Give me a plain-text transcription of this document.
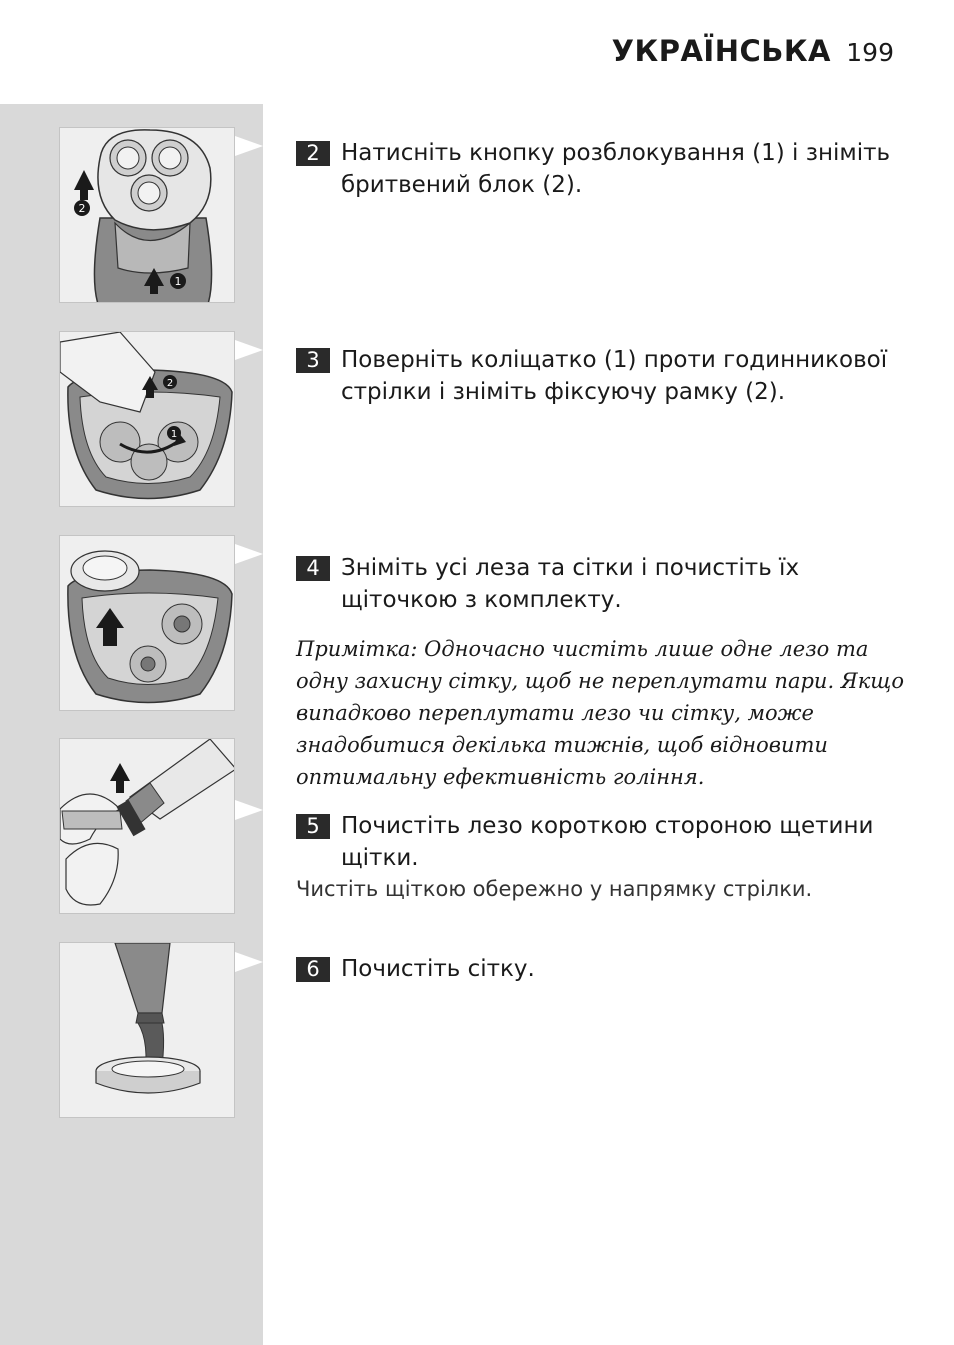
УКРАЇНСЬКА 199
2
1
2
1
2 Натисніть кнопку розблокування (1) і зніміть бритвений блок (2).
3 Поверніть коліщатко (1) проти годинникової стрілки і зніміть фіксуючу рамку (2).
4 Зніміть усі леза та сітки і почистіть їх щіточкою з комплекту.
Примітка: Одночасно чистіть лише одне лезо та одну захисну сітку, щоб не переплутати пари. Якщо випадково переплутати лезо чи сітку, може знадобитися декілька тижнів, щоб відновити оптимальну ефективність гоління.
5 Почистіть лезо короткою стороною щетини щітки.
Чистіть щіткою обережно у напрямку стрілки.
6 Почистіть сітку.
